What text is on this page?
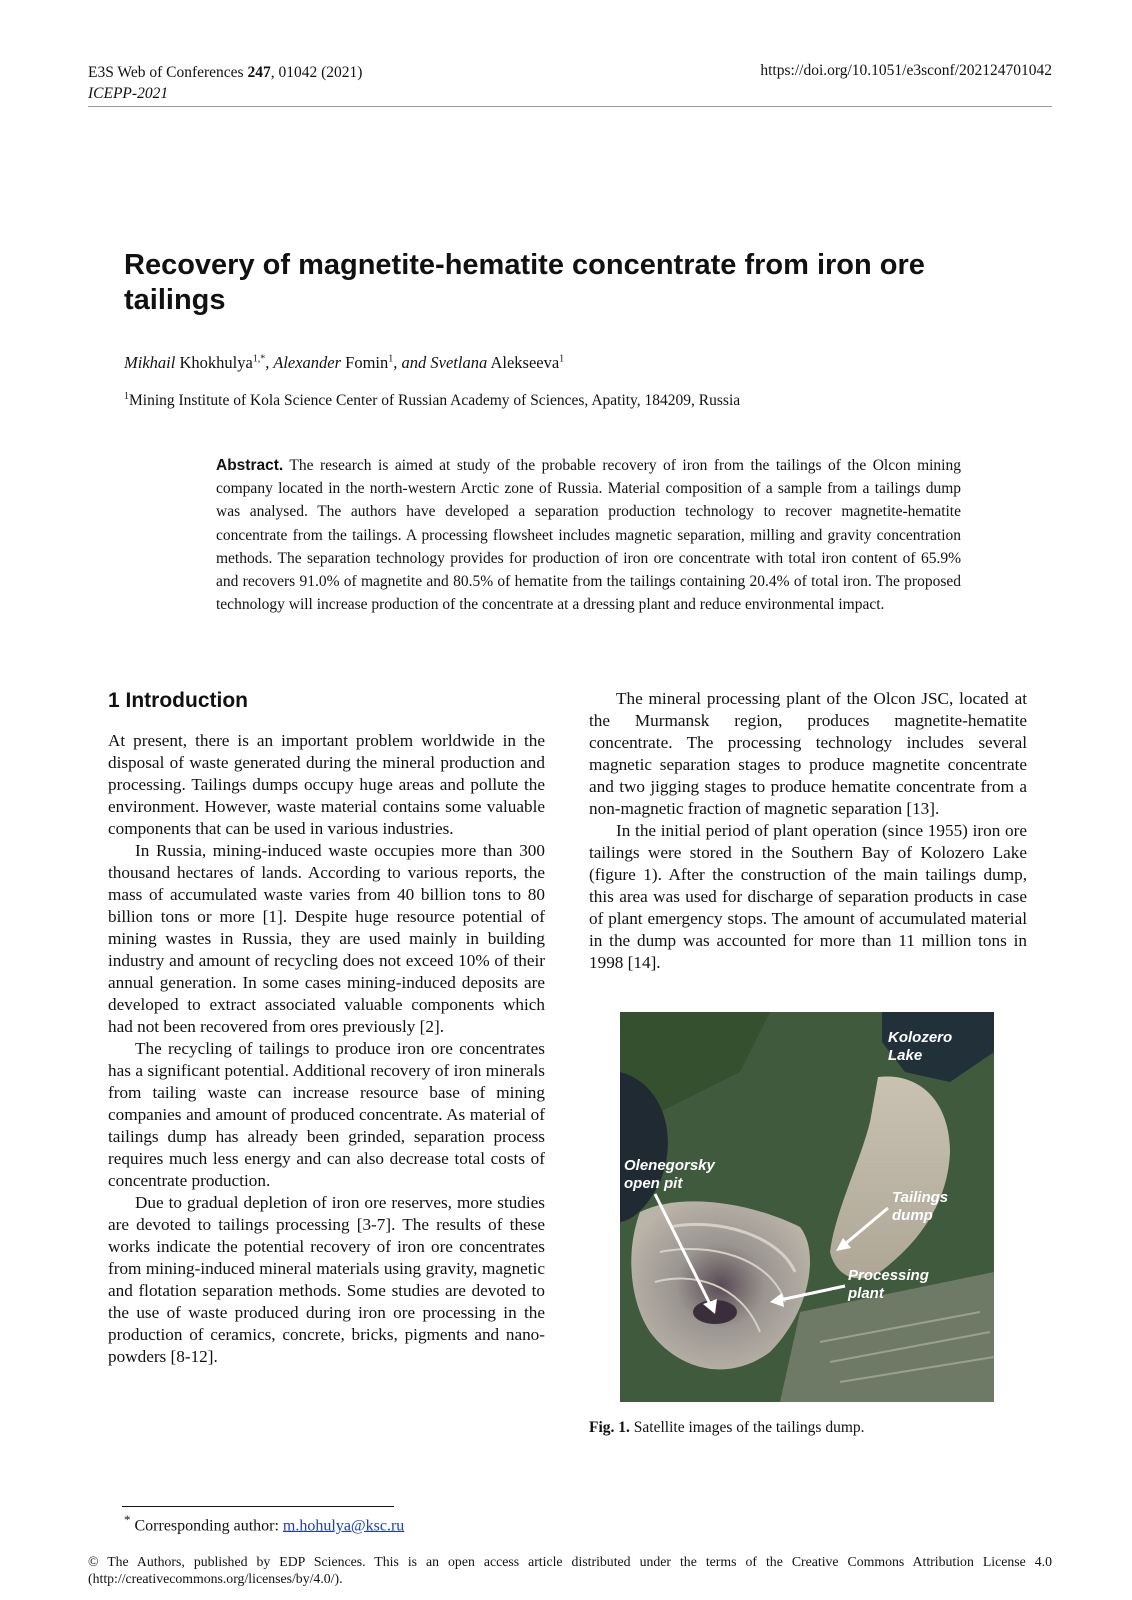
E3S Web of Conferences 247, 01042 (2021)
ICEPP-2021
https://doi.org/10.1051/e3sconf/202124701042
Recovery of magnetite-hematite concentrate from iron ore tailings
Mikhail Khokhulya$^{1,*}$, Alexander Fomin$^1$, and Svetlana Alekseeva$^1$
$^1$Mining Institute of Kola Science Center of Russian Academy of Sciences, Apatity, 184209, Russia
Abstract. The research is aimed at study of the probable recovery of iron from the tailings of the Olcon mining company located in the north-western Arctic zone of Russia. Material composition of a sample from a tailings dump was analysed. The authors have developed a separation production technology to recover magnetite-hematite concentrate from the tailings. A processing flowsheet includes magnetic separation, milling and gravity concentration methods. The separation technology provides for production of iron ore concentrate with total iron content of 65.9% and recovers 91.0% of magnetite and 80.5% of hematite from the tailings containing 20.4% of total iron. The proposed technology will increase production of the concentrate at a dressing plant and reduce environmental impact.
1 Introduction

At present, there is an important problem worldwide in the disposal of waste generated during the mineral production and processing. Tailings dumps occupy huge areas and pollute the environment. However, waste material contains some valuable components that can be used in various industries.

In Russia, mining-induced waste occupies more than 300 thousand hectares of lands. According to various reports, the mass of accumulated waste varies from 40 billion tons to 80 billion tons or more [1]. Despite huge resource potential of mining wastes in Russia, they are used mainly in building industry and amount of recycling does not exceed 10% of their annual generation. In some cases mining-induced deposits are developed to extract associated valuable components which had not been recovered from ores previously [2].

The recycling of tailings to produce iron ore concentrates has a significant potential. Additional recovery of iron minerals from tailing waste can increase resource base of mining companies and amount of produced concentrate. As material of tailings dump has already been grinded, separation process requires much less energy and can also decrease total costs of concentrate production.

Due to gradual depletion of iron ore reserves, more studies are devoted to tailings processing [3-7]. The results of these works indicate the potential recovery of iron ore concentrates from mining-induced mineral materials using gravity, magnetic and flotation separation methods. Some studies are devoted to the use of waste produced during iron ore processing in the production of ceramics, concrete, bricks, pigments and nano-powders [8-12].

The mineral processing plant of the Olcon JSC, located at the Murmansk region, produces magnetite-hematite concentrate. The processing technology includes several magnetic separation stages to produce magnetite concentrate and two jigging stages to produce hematite concentrate from a non-magnetic fraction of magnetic separation [13].

In the initial period of plant operation (since 1955) iron ore tailings were stored in the Southern Bay of Kolozero Lake (figure 1). After the construction of the main tailings dump, this area was used for discharge of separation products in case of plant emergency stops. The amount of accumulated material in the dump was accounted for more than 11 million tons in 1998 [14].

Kolozero
Lake
Olenegorsky
open pit
Tailings
dump
Processing
plant
Fig. 1. Satellite images of the tailings dump.
* Corresponding author: m.hohulya@ksc.ru
© The Authors, published by EDP Sciences. This is an open access article distributed under the terms of the Creative Commons Attribution License 4.0 (http://creativecommons.org/licenses/by/4.0/).
